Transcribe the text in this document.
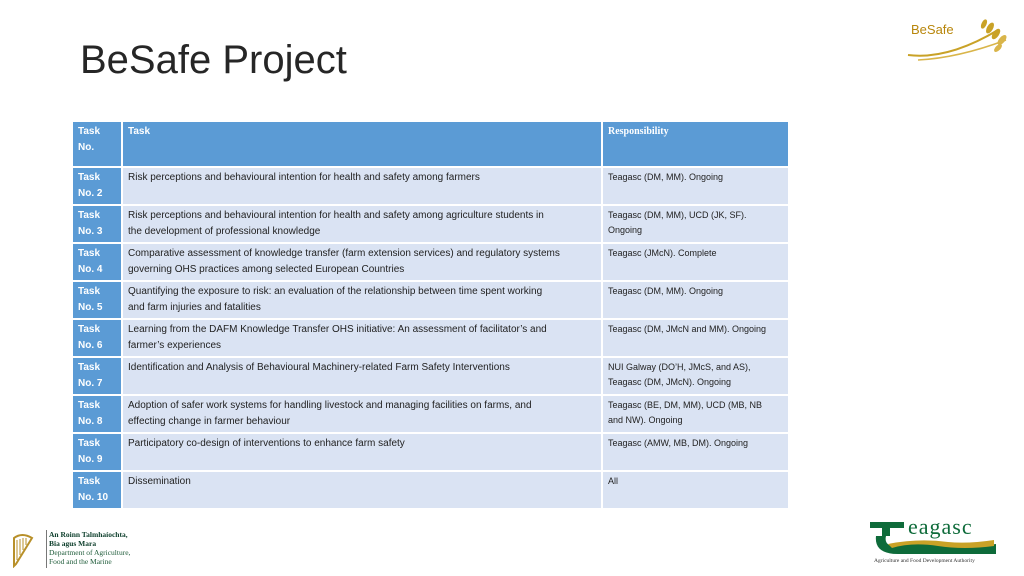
BeSafe Project
BeSafe
Task
No.	Task	Responsibility

Task
No. 2	Risk perceptions and behavioural intention for health and safety among farmers	Teagasc (DM, MM). Ongoing

Task
No. 3	Risk perceptions and behavioural intention for health and safety among agriculture students in
the development of professional knowledge	Teagasc (DM, MM), UCD (JK, SF).
Ongoing

Task
No. 4	Comparative assessment of knowledge transfer (farm extension services) and regulatory systems
governing OHS practices among selected European Countries	Teagasc (JMcN). Complete

Task
No. 5	Quantifying the exposure to risk: an evaluation of the relationship between time spent working
and farm injuries and fatalities	Teagasc (DM, MM). Ongoing

Task
No. 6	Learning from the DAFM Knowledge Transfer OHS initiative: An assessment of facilitator’s and
farmer’s experiences	Teagasc (DM, JMcN and MM). Ongoing

Task
No. 7	Identification and Analysis of Behavioural Machinery-related Farm Safety Interventions	NUI Galway (DO’H, JMcS, and AS),
Teagasc (DM, JMcN). Ongoing

Task
No. 8	Adoption of safer work systems for handling livestock and managing facilities on farms, and
effecting change in farmer behaviour	Teagasc (BE, DM, MM), UCD (MB, NB
and NW). Ongoing

Task
No. 9	Participatory co-design of interventions to enhance farm safety	Teagasc (AMW, MB, DM). Ongoing

Task
No. 10	Dissemination	All
An Roinn Talmhaíochta,
Bia agus Mara
Department of Agriculture,
Food and the Marine
eagasc
Agriculture and Food Development Authority
